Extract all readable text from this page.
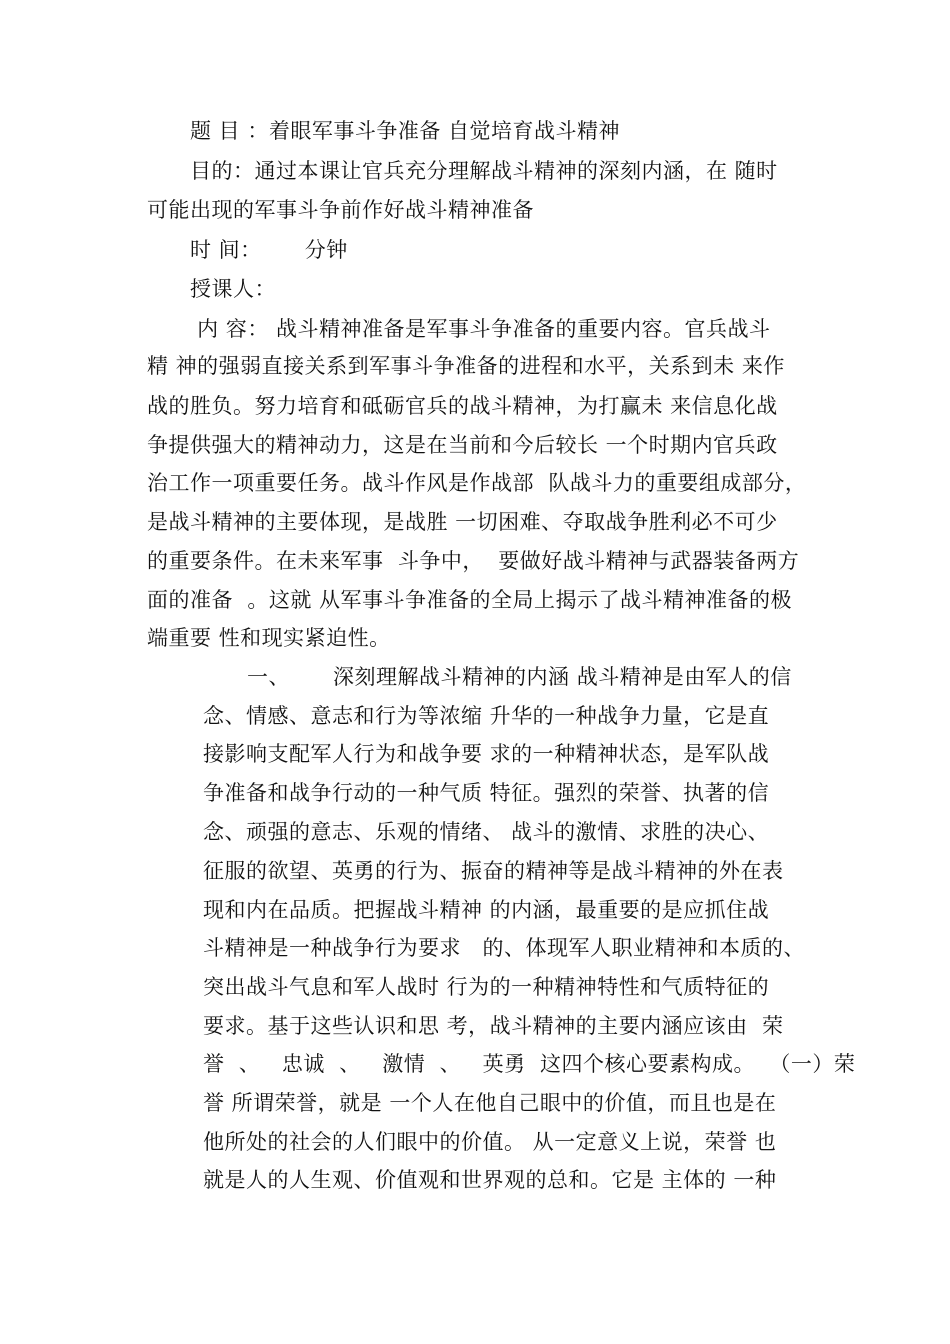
题 目 ：着眼军事斗争准备 自觉培育战斗精神
目的：通过本课让官兵充分理解战斗精神的深刻内涵，在 随时
可能出现的军事斗争前作好战斗精神准备
时 间：      分钟
授课人：
内 容： 战斗精神准备是军事斗争准备的重要内容。官兵战斗
精 神的强弱直接关系到军事斗争准备的进程和水平，关系到未 来作
战的胜负。努力培育和砥砺官兵的战斗精神，为打赢未 来信息化战
争提供强大的精神动力，这是在当前和今后较长 一个时期内官兵政
治工作一项重要任务。战斗作风是作战部  队战斗力的重要组成部分，
是战斗精神的主要体现，是战胜 一切困难、夺取战争胜利必不可少
的重要条件。在未来军事  斗争中，  要做好战斗精神与武器装备两方
面的准备  。这就 从军事斗争准备的全局上揭示了战斗精神准备的极
端重要 性和现实紧迫性。
一、      深刻理解战斗精神的内涵 战斗精神是由军人的信
念、情感、意志和行为等浓缩 升华的一种战争力量，它是直
接影响支配军人行为和战争要 求的一种精神状态，是军队战
争准备和战争行动的一种气质 特征。强烈的荣誉、执著的信
念、顽强的意志、乐观的情绪、 战斗的激情、求胜的决心、
征服的欲望、英勇的行为、振奋的精神等是战斗精神的外在表
现和内在品质。把握战斗精神 的内涵，最重要的是应抓住战
斗精神是一种战争行为要求   的、体现军人职业精神和本质的、
突出战斗气息和军人战时 行为的一种精神特性和气质特征的
要求。基于这些认识和思 考，战斗精神的主要内涵应该由  荣
誉  、   忠诚  、   激情  、   英勇  这四个核心要素构成。  （一）荣
誉 所谓荣誉，就是 一个人在他自己眼中的价值，而且也是在
他所处的社会的人们眼中的价值。 从一定意义上说，荣誉 也
就是人的人生观、价值观和世界观的总和。它是 主体的 一种
